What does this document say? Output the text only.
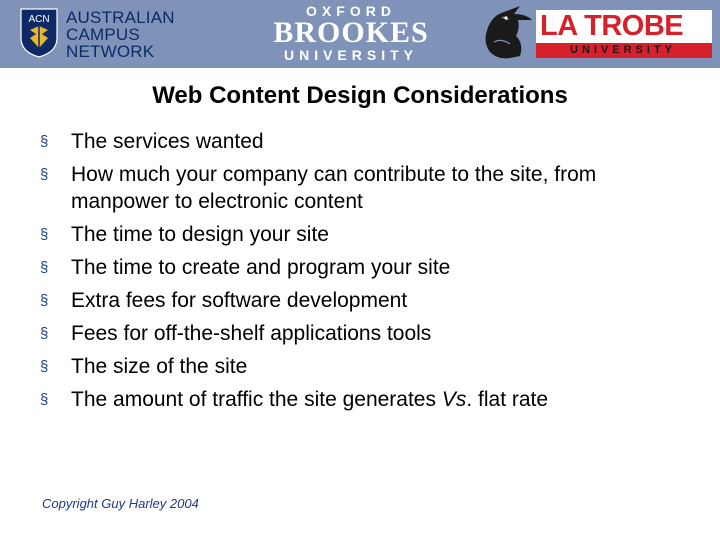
ACN AUSTRALIAN
CAMPUS
NETWORK
OXFORD
BROOKES
UNIVERSITY
LA TROBE
UNIVERSITY
Web Content Design Considerations
§ The services wanted
§ How much your company can contribute to the site, from manpower to electronic content
§ The time to design your site
§ The time to create and program your site
§ Extra fees for software development
§ Fees for off-the-shelf applications tools
§ The size of the site
§ The amount of traffic the site generates Vs. flat rate
Copyright Guy Harley 2004
